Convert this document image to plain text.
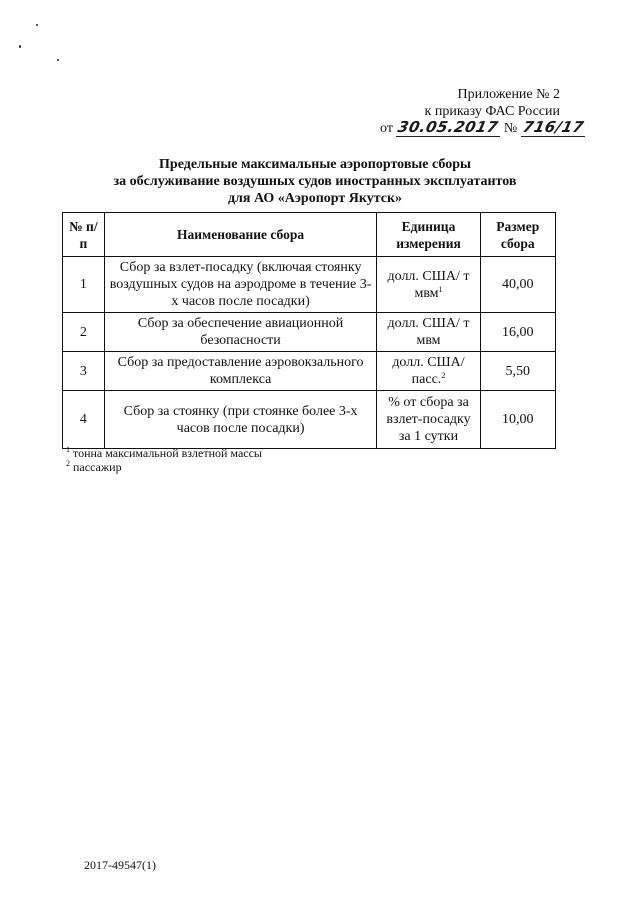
Приложение № 2
к приказу ФАС России
от 30.05.2017 № 716/17
Предельные максимальные аэропортовые сборы
за обслуживание воздушных судов иностранных эксплуатантов
для АО «Аэропорт Якутск»
№ п/п	Наименование сбора	Единица измерения	Размер сбора
1	Сбор за взлет-посадку (включая стоянку воздушных судов на аэродроме в течение 3-х часов после посадки)	долл. США/ т мвм$^1$	40,00
2	Сбор за обеспечение авиационной безопасности	долл. США/ т мвм	16,00
3	Сбор за предоставление аэровокзального комплекса	долл. США/ пасс.$^2$	5,50
4	Сбор за стоянку (при стоянке более 3-х часов после посадки)	% от сбора за взлет-посадку за 1 сутки	10,00
$^1$ тонна максимальной взлетной массы
$^2$ пассажир
2017-49547(1)
